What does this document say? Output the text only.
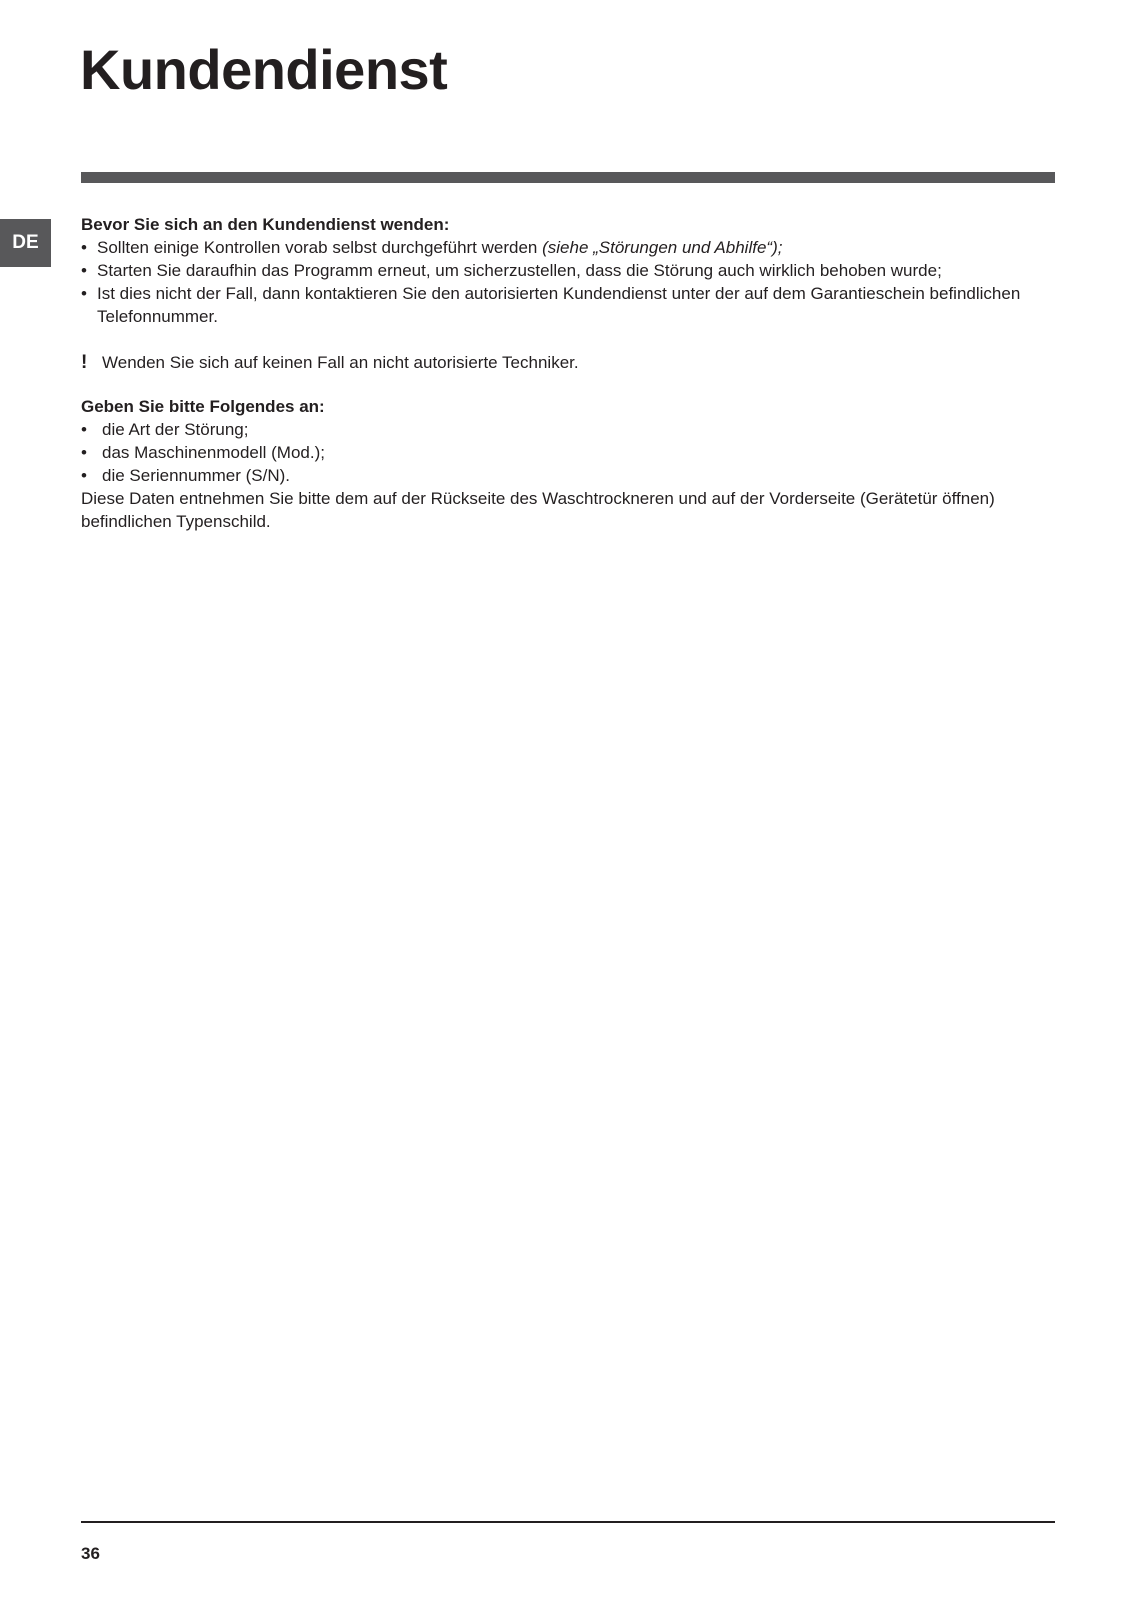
Kundendienst
DE

Bevor Sie sich an den Kundendienst wenden:

• Sollten einige Kontrollen vorab selbst durchgeführt werden (siehe „Störungen und Abhilfe“);
• Starten Sie daraufhin das Programm erneut, um sicherzustellen, dass die Störung auch wirklich behoben wurde;
• Ist dies nicht der Fall, dann kontaktieren Sie den autorisierten Kundendienst unter der auf dem Garantieschein befindlichen Telefonnummer.
! Wenden Sie sich auf keinen Fall an nicht autorisierte Techniker.

Geben Sie bitte Folgendes an:

• die Art der Störung;
• das Maschinenmodell (Mod.);
• die Seriennummer (S/N).

Diese Daten entnehmen Sie bitte dem auf der Rückseite des Waschtrockneren und auf der Vorderseite (Gerätetür öffnen) befindlichen Typenschild.

36
